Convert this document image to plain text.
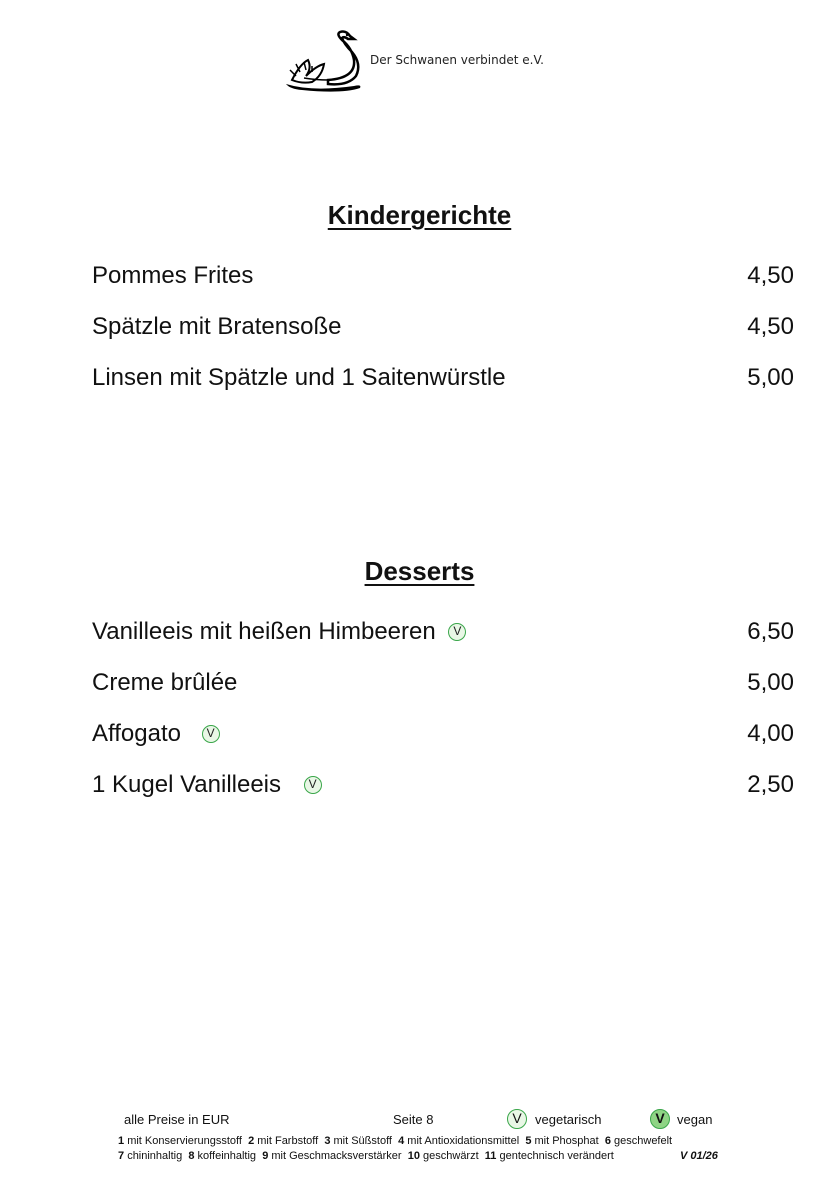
Der Schwanen verbindet e.V.
Kindergerichte
Pommes Frites	4,50
Spätzle mit Bratensoße	4,50
Linsen mit Spätzle und 1 Saitenwürstle	5,00
Desserts
Vanilleeis mit heißen Himbeeren V	6,50
Creme brûlée	5,00
Affogato V	4,00
1 Kugel Vanilleeis V	2,50
alle Preise in EUR	Seite 8	V	vegetarisch	V vegan
1 mit Konservierungsstoff 2 mit Farbstoff 3 mit Süßstoff 4 mit Antioxidationsmittel 5 mit Phosphat 6 geschwefelt
7 chininhaltig 8 koffeinhaltig 9 mit Geschmacksverstärker 10 geschwärzt 11 gentechnisch verändert	V 01/26
